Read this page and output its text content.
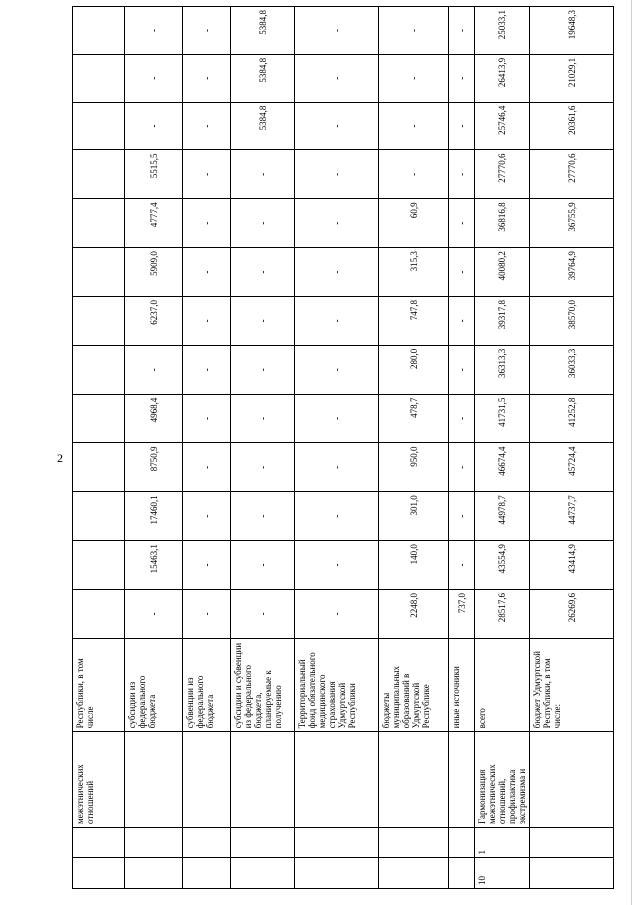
2
		межэтнических отношений	Республики, в том числе													
			субсидии из федерального бюджета	-	15463,1	17460,1	8750,9	4968,4	-	6237,0	5909,0	4777,4	5515,5	-	-	-
			субвенции из федерального бюджета	-	-	-	-	-	-	-	-	-	-	-	-	-
			субсидии и субвенции из федерального бюджета, планируемые к получению	-	-	-	-	-	-	-	-	-	-	5384,8	5384,8	5384,8
			Территориальный фонд обязательного медицинского страхования Удмуртской Республики	-	-	-	-	-	-	-	-	-	-	-	-	-
			бюджеты муниципальных образований в Удмуртской Республике	2248,0	140,0	301,0	950,0	478,7	280,0	747,8	315,3	60,9	-	-	-	-
			иные источники	737,0	-	-	-	-	-	-	-	-	-	-	-	-
10	1	Гармонизация межэтнических отношений, профилактика экстремизма и	всего	28517,6	43554,9	44978,7	46674,4	41731,5	36313,3	39317,8	40080,2	36816,8	27770,6	25746,4	26413,9	25033,1
			бюджет Удмуртской Республики, в том числе:	26269,6	43414,9	44737,7	45724,4	41252,8	36033,3	38570,0	39764,9	36755,9	27770,6	20361,6	21029,1	19648,3
